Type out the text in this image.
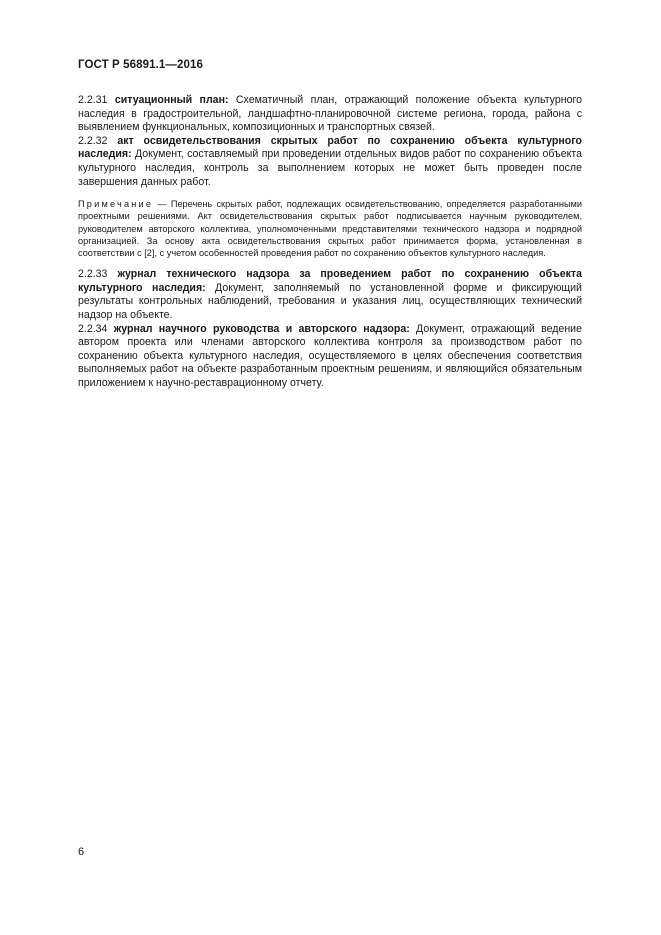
ГОСТ Р 56891.1—2016

2.2.31 ситуационный план: Схематичный план, отражающий положение объекта культурного наследия в градостроительной, ландшафтно-планировочной системе региона, города, района с выявлением функциональных, композиционных и транспортных связей.

2.2.32 акт освидетельствования скрытых работ по сохранению объекта культурного наследия: Документ, составляемый при проведении отдельных видов работ по сохранению объекта культурного наследия, контроль за выполнением которых не может быть проведен после завершения данных работ.

Примечание — Перечень скрытых работ, подлежащих освидетельствованию, определяется разработанными проектными решениями. Акт освидетельствования скрытых работ подписывается научным руководителем, руководителем авторского коллектива, уполномоченными представителями технического надзора и подрядной организацией. За основу акта освидетельствования скрытых работ принимается форма, установленная в соответствии с [2], с учетом особенностей проведения работ по сохранению объектов культурного наследия.

2.2.33 журнал технического надзора за проведением работ по сохранению объекта культурного наследия: Документ, заполняемый по установленной форме и фиксирующий результаты контрольных наблюдений, требования и указания лиц, осуществляющих технический надзор на объекте.

2.2.34 журнал научного руководства и авторского надзора: Документ, отражающий ведение автором проекта или членами авторского коллектива контроля за производством работ по сохранению объекта культурного наследия, осуществляемого в целях обеспечения соответствия выполняемых работ на объекте разработанным проектным решениям, и являющийся обязательным приложением к научно-реставрационному отчету.

6
